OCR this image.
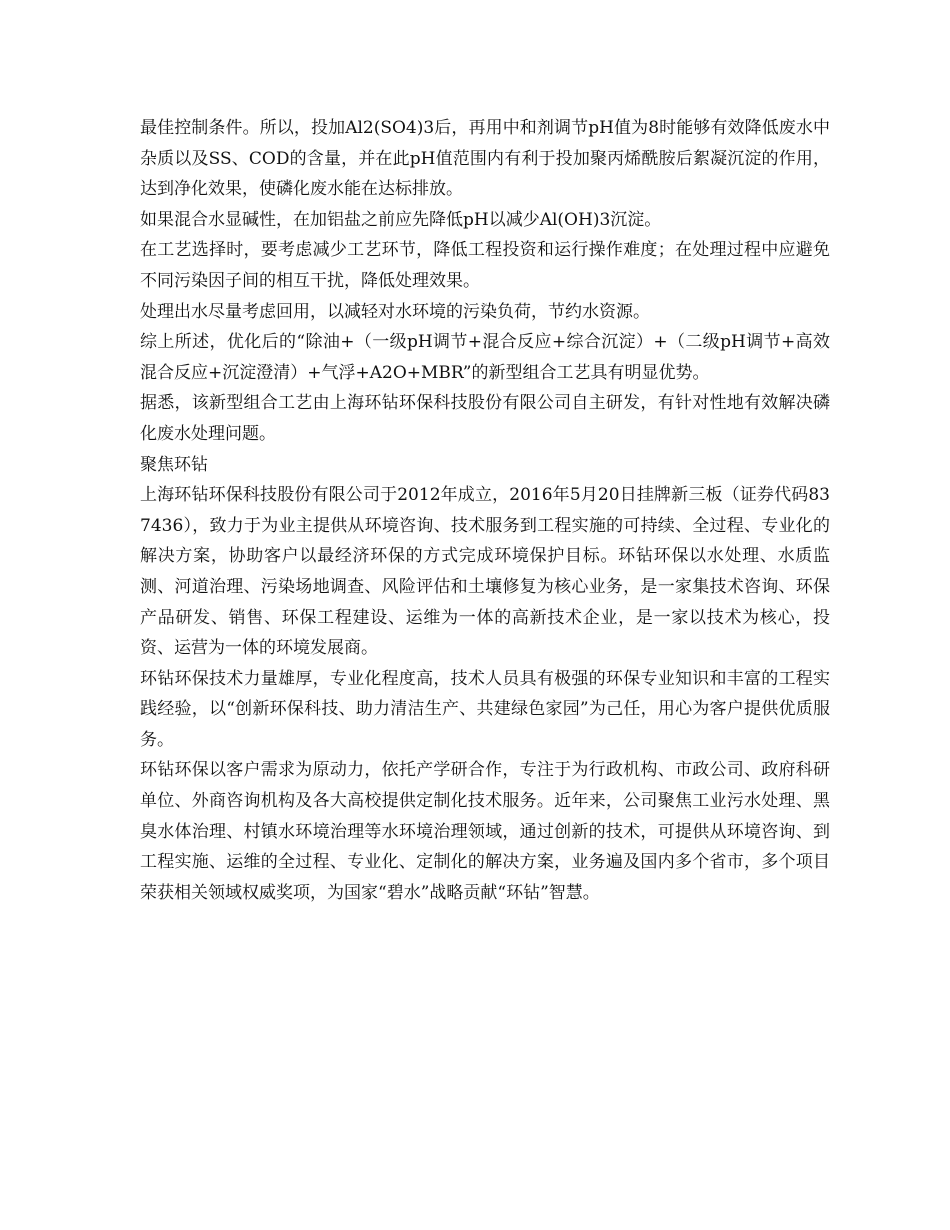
最佳控制条件。所以，投加Al2(SO4)3后，再用中和剂调节pH值为8时能够有效降低废水中杂质以及SS、COD的含量，并在此pH值范围内有利于投加聚丙烯酰胺后絮凝沉淀的作用，达到净化效果，使磷化废水能在达标排放。

如果混合水显碱性，在加铝盐之前应先降低pH以减少Al(OH)3沉淀。

在工艺选择时，要考虑减少工艺环节，降低工程投资和运行操作难度；在处理过程中应避免不同污染因子间的相互干扰，降低处理效果。

处理出水尽量考虑回用，以减轻对水环境的污染负荷，节约水资源。

综上所述，优化后的“除油+（一级pH调节+混合反应+综合沉淀）+（二级pH调节+高效混合反应+沉淀澄清）+气浮+A2O+MBR”的新型组合工艺具有明显优势。

据悉，该新型组合工艺由上海环钻环保科技股份有限公司自主研发，有针对性地有效解决磷化废水处理问题。

聚焦环钻

上海环钻环保科技股份有限公司于2012年成立，2016年5月20日挂牌新三板（证券代码837436），致力于为业主提供从环境咨询、技术服务到工程实施的可持续、全过程、专业化的解决方案，协助客户以最经济环保的方式完成环境保护目标。环钻环保以水处理、水质监测、河道治理、污染场地调查、风险评估和土壤修复为核心业务，是一家集技术咨询、环保产品研发、销售、环保工程建设、运维为一体的高新技术企业，是一家以技术为核心，投资、运营为一体的环境发展商。

环钻环保技术力量雄厚，专业化程度高，技术人员具有极强的环保专业知识和丰富的工程实践经验，以“创新环保科技、助力清洁生产、共建绿色家园”为己任，用心为客户提供优质服务。

环钻环保以客户需求为原动力，依托产学研合作，专注于为行政机构、市政公司、政府科研单位、外商咨询机构及各大高校提供定制化技术服务。近年来，公司聚焦工业污水处理、黑臭水体治理、村镇水环境治理等水环境治理领域，通过创新的技术，可提供从环境咨询、到工程实施、运维的全过程、专业化、定制化的解决方案，业务遍及国内多个省市，多个项目荣获相关领域权威奖项，为国家“碧水”战略贡献“环钻”智慧。
